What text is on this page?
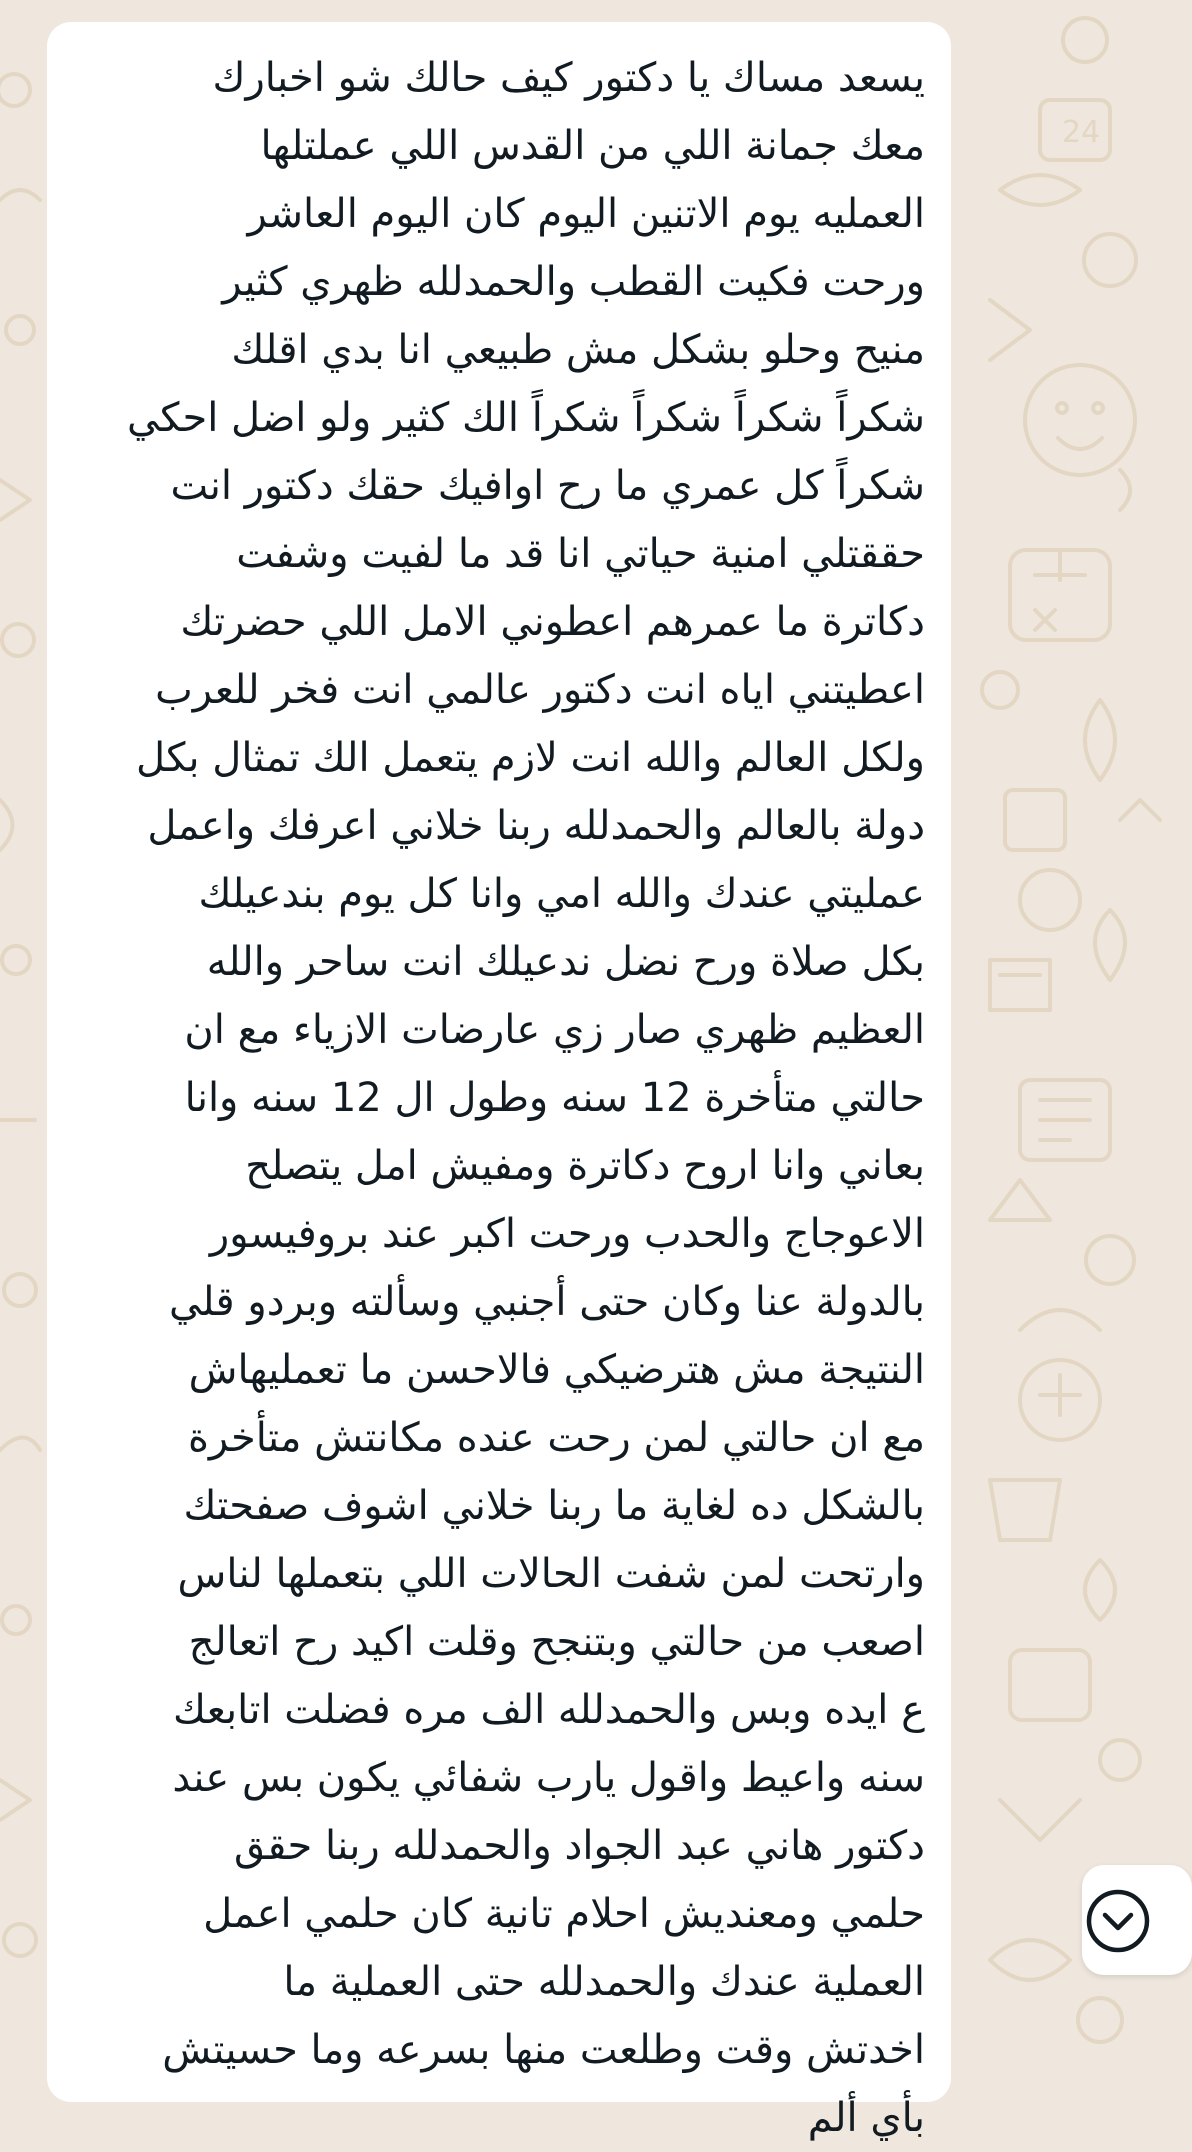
24
يسعد مساك يا دكتور كيف حالك شو اخبارك
معك جمانة اللي من القدس اللي عملتلها
العمليه يوم الاتنين اليوم كان اليوم العاشر
ورحت فكيت القطب والحمدلله ظهري كثير
منيح وحلو بشكل مش طبيعي انا بدي اقلك
شكراً شكراً شكراً شكراً الك كثير ولو اضل احكي
شكراً كل عمري ما رح اوافيك حقك دكتور انت
حققتلي امنية حياتي انا قد ما لفيت وشفت
دكاترة ما عمرهم اعطوني الامل اللي حضرتك
اعطيتني اياه انت دكتور عالمي انت فخر للعرب
ولكل العالم والله انت لازم يتعمل الك تمثال بكل
دولة بالعالم والحمدلله ربنا خلاني اعرفك واعمل
عمليتي عندك والله امي وانا كل يوم بندعيلك
بكل صلاة ورح نضل ندعيلك انت ساحر والله
العظيم ظهري صار زي عارضات الازياء مع ان
حالتي متأخرة 12 سنه وطول ال 12 سنه وانا
بعاني وانا اروح دكاترة ومفيش امل يتصلح
الاعوجاج والحدب ورحت اكبر عند بروفيسور
بالدولة عنا وكان حتى أجنبي وسألته وبردو قلي
النتيجة مش هترضيكي فالاحسن ما تعمليهاش
مع ان حالتي لمن رحت عنده مكانتش متأخرة
بالشكل ده لغاية ما ربنا خلاني اشوف صفحتك
وارتحت لمن شفت الحالات اللي بتعملها لناس
اصعب من حالتي وبتنجح وقلت اكيد رح اتعالج
ع ايده وبس والحمدلله الف مره فضلت اتابعك
سنه واعيط واقول يارب شفائي يكون بس عند
دكتور هاني عبد الجواد والحمدلله ربنا حقق
حلمي ومعنديش احلام تانية كان حلمي اعمل
العملية عندك والحمدلله حتى العملية ما
اخدتش وقت وطلعت منها بسرعه وما حسيتش
بأي ألم
